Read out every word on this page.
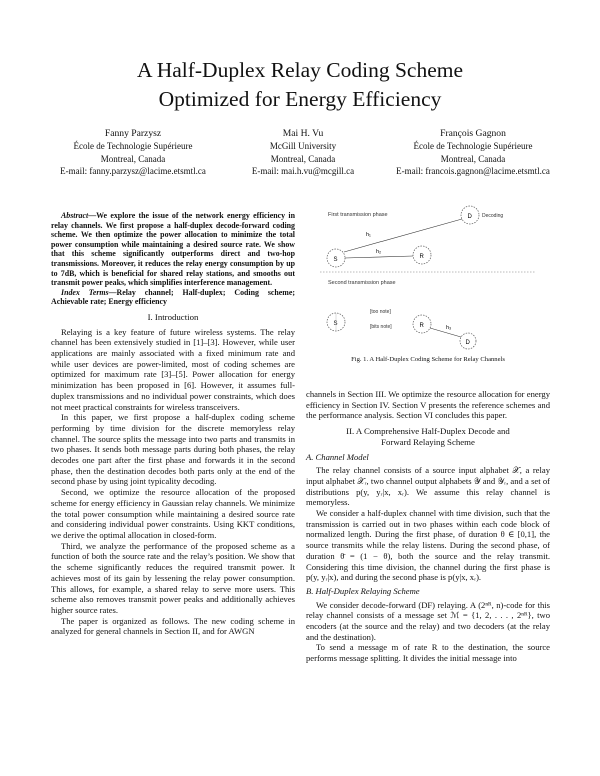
A Half-Duplex Relay Coding Scheme
Optimized for Energy Efficiency
Fanny Parzysz
École de Technologie Supérieure
Montreal, Canada
E-mail: fanny.parzysz@lacime.etsmtl.ca
Mai H. Vu
McGill University
Montreal, Canada
E-mail: mai.h.vu@mcgill.ca
François Gagnon
École de Technologie Supérieure
Montreal, Canada
E-mail: francois.gagnon@lacime.etsmtl.ca
Abstract—We explore the issue of the network energy efficiency in relay channels. We first propose a half-duplex decode-forward coding scheme. We then optimize the power allocation to minimize the total power consumption while maintaining a desired source rate. We show that this scheme significantly outperforms direct and two-hop transmissions. Moreover, it reduces the relay energy consumption by up to 7dB, which is beneficial for shared relay stations, and smooths out transmit power peaks, which simplifies interference management.
Index Terms—Relay channel; Half-duplex; Coding scheme; Achievable rate; Energy efficiency
I. Introduction

Relaying is a key feature of future wireless systems. The relay channel has been extensively studied in [1]–[3]. However, while user applications are mainly associated with a fixed minimum rate and while user devices are power-limited, most of coding schemes are optimized for maximum rate [3]–[5]. Power allocation for energy minimization has been proposed in [6]. However, it assumes full-duplex transmissions and no individual power constraints, which does not meet practical constraints for wireless transceivers.

In this paper, we first propose a half-duplex coding scheme performing by time division for the discrete memoryless relay channel. The source splits the message into two parts and transmits in two phases. It sends both message parts during both phases, the relay decodes one part after the first phase and forwards it in the second phase, then the destination decodes both parts only at the end of the second phase by using joint typicality decoding.

Second, we optimize the resource allocation of the proposed scheme for energy efficiency in Gaussian relay channels. We minimize the total power consumption while maintaining a desired source rate and considering individual power constraints. Using KKT conditions, we derive the optimal allocation in closed-form.

Third, we analyze the performance of the proposed scheme as a function of both the source rate and the relay’s position. We show that the scheme significantly reduces the required transmit power. It achieves most of its gain by lessening the relay power consumption. This allows, for example, a shared relay to serve more users. This scheme also removes transmit power peaks and additionally achieves higher source rates.

The paper is organized as follows. The new coding scheme in analyzed for general channels in Section II, and for AWGN

First transmission phase
Second transmission phase
S	R
D Decoding
h₁
h₂
S	R
D
[too note]
[bits note]	h₃
Fig. 1. A Half-Duplex Coding Scheme for Relay Channels

channels in Section III. We optimize the resource allocation for energy efficiency in Section IV. Section V presents the reference schemes and the performance analysis. Section VI concludes this paper.

II. A Comprehensive Half-Duplex Decode and
Forward Relaying Scheme
A. Channel Model

The relay channel consists of a source input alphabet 𝒳, a relay input alphabet 𝒳ᵣ, two channel output alphabets 𝒴 and 𝒴ᵣ, and a set of distributions p(y, yᵣ|x, xᵣ). We assume this relay channel is memoryless.

We consider a half-duplex channel with time division, such that the transmission is carried out in two phases within each code block of normalized length. During the first phase, of duration θ ∈ [0,1], the source transmits while the relay listens. During the second phase, of duration θ̄ = (1 − θ), both the source and the relay transmit. Considering this time division, the channel during the first phase is p(y, yᵣ|x), and during the second phase is p(y|x, xᵣ).

B. Half-Duplex Relaying Scheme

We consider decode-forward (DF) relaying. A (2ⁿᴿ, n)-code for this relay channel consists of a message set ℳ = {1, 2, . . . , 2ⁿᴿ}, two encoders (at the source and the relay) and two decoders (at the relay and the destination).

To send a message m of rate R to the destination, the source performs message splitting. It divides the initial message into
